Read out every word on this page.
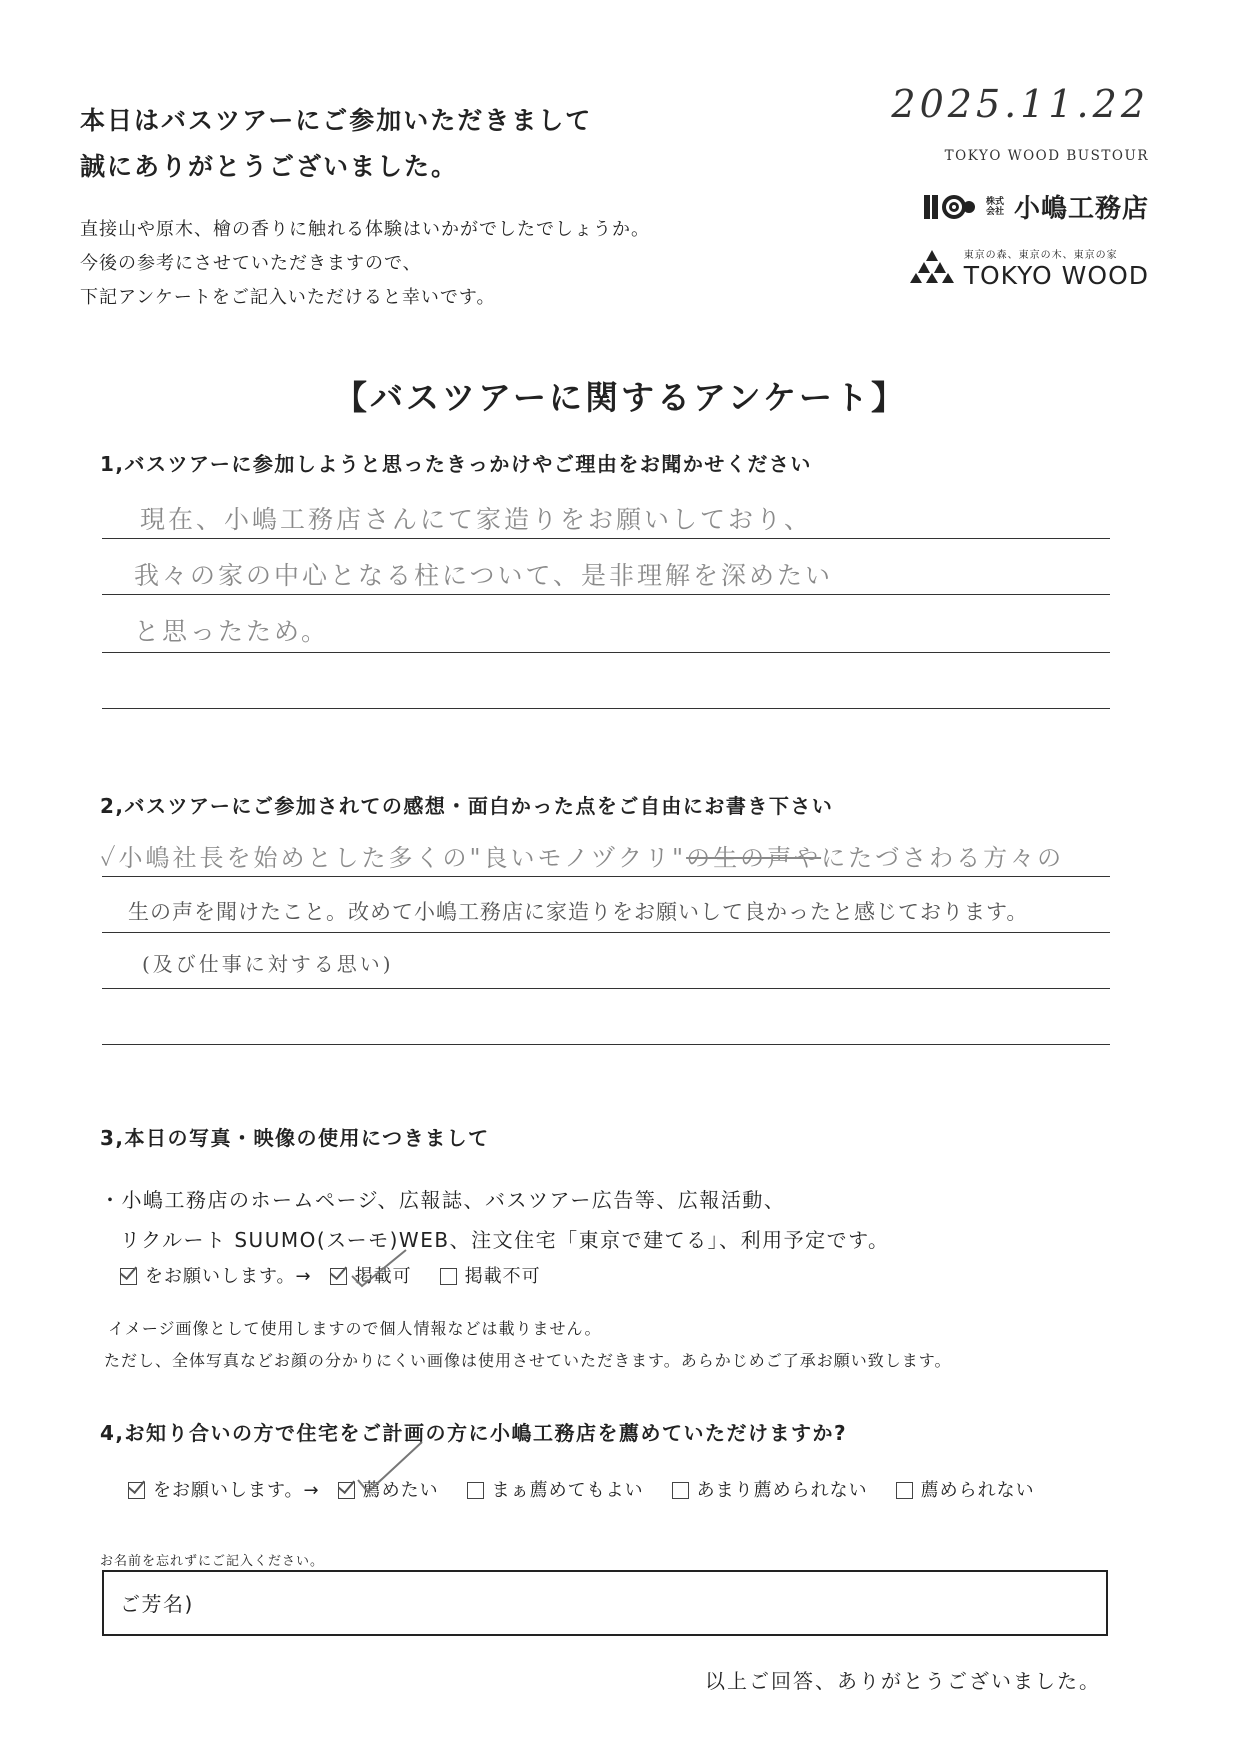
本日はバスツアーにご参加いただきまして
誠にありがとうございました。
直接山や原木、檜の香りに触れる体験はいかがでしたでしょうか。
今後の参考にさせていただきますので、
下記アンケートをご記入いただけると幸いです。
2025.11.22
TOKYO WOOD BUSTOUR
株式会社 小嶋工務店
東京の森、東京の木、東京の家
TOKYO WOOD
【バスツアーに関するアンケート】
1,バスツアーに参加しようと思ったきっかけやご理由をお聞かせください
現在、小嶋工務店さんにて家造りをお願いしており、
我々の家の中心となる柱について、是非理解を深めたい
と思ったため。
2,バスツアーにご参加されての感想・面白かった点をご自由にお書き下さい
✓小嶋社長を始めとした多くの"良いモノヅクリ"の生の声やにたづさわる方々の
生の声を聞けたこと。改めて小嶋工務店に家造りをお願いして良かったと感じております。
(及び仕事に対する思い)
3,本日の写真・映像の使用につきまして
・小嶋工務店のホームページ、広報誌、バスツアー広告等、広報活動、
リクルート SUUMO(スーモ)WEB、注文住宅「東京で建てる」、利用予定です。
をお願いします。→ 掲載可	掲載不可
イメージ画像として使用しますので個人情報などは載りません。
ただし、全体写真などお顔の分かりにくい画像は使用させていただきます。あらかじめご了承お願い致します。
4,お知り合いの方で住宅をご計画の方に小嶋工務店を薦めていただけますか?
をお願いします。→ 薦めたい	まぁ薦めてもよい	あまり薦められない	薦められない
お名前を忘れずにご記入ください。
ご芳名)
以上ご回答、ありがとうございました。
